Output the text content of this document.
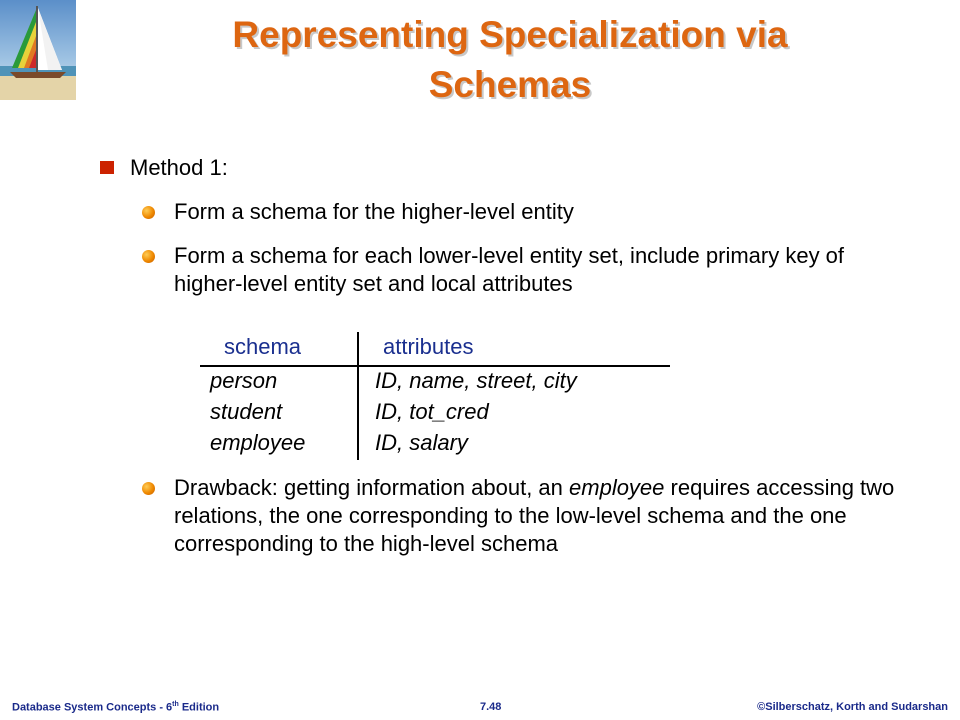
Representing Specialization via Schemas
Method 1:
Form a schema for the higher-level entity
Form a schema for each lower-level entity set, include primary key of higher-level entity set and local attributes
schema	attributes
person	ID, name, street, city
student	ID, tot_cred
employee	ID, salary
Drawback: getting information about, an employee requires accessing two relations, the one corresponding to the low-level schema and the one corresponding to the high-level schema
Database System Concepts - 6th Edition	7.48	©Silberschatz, Korth and Sudarshan
